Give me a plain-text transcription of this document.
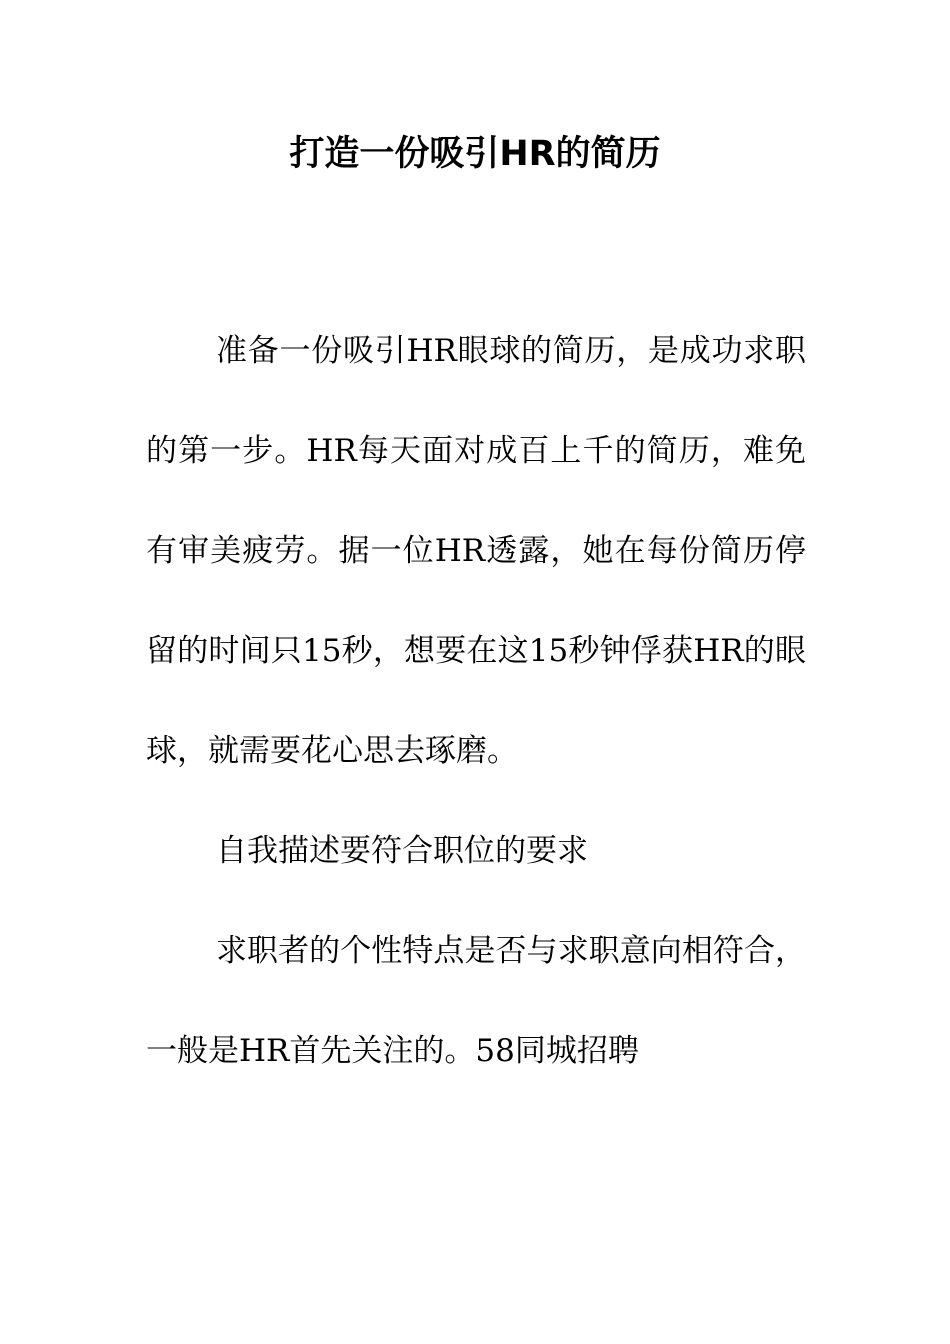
打造一份吸引HR的简历

准备一份吸引HR眼球的简历，是成功求职的第一步。HR每天面对成百上千的简历，难免有审美疲劳。据一位HR透露，她在每份简历停留的时间只15秒，想要在这15秒钟俘获HR的眼球，就需要花心思去琢磨。

自我描述要符合职位的要求

求职者的个性特点是否与求职意向相符合，一般是HR首先关注的。58同城招聘
